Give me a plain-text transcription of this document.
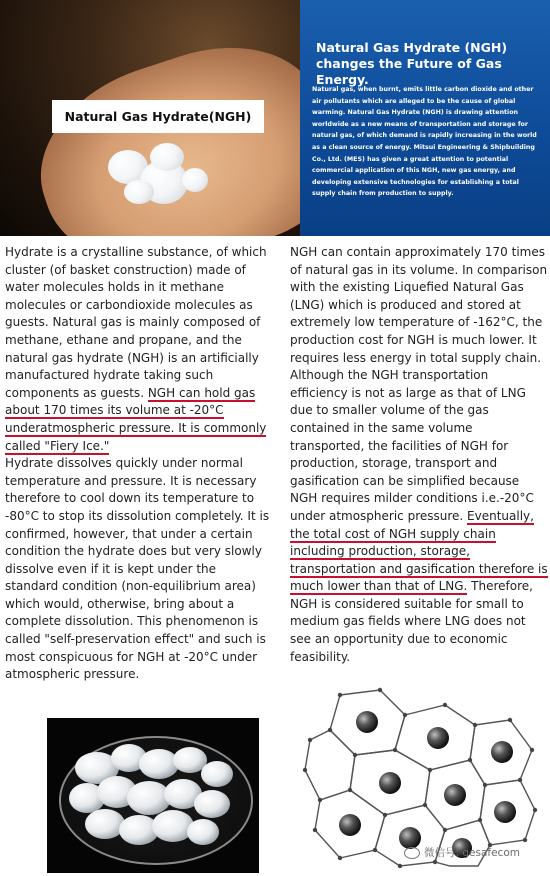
Natural Gas Hydrate(NGH)
Natural Gas Hydrate (NGH) changes the Future of Gas Energy.
Natural gas, when burnt, emits little carbon dioxide and other air pollutants which are alleged to be the cause of global warming. Natural Gas Hydrate (NGH) is drawing attention worldwide as a new means of transportation and storage for natural gas, of which demand is rapidly increasing in the world as a clean source of energy. Mitsui Engineering & Shipbuilding Co., Ltd. (MES) has given a great attention to potential commercial application of this NGH, new gas energy, and developing extensive technologies for establishing a total supply chain from production to supply.

Hydrate is a crystalline substance, of which cluster (of basket construction) made of water molecules holds in it methane molecules or carbondioxide molecules as guests. Natural gas is mainly composed of methane, ethane and propane, and the natural gas hydrate (NGH) is an artificially manufactured hydrate taking such components as guests. NGH can hold gas about 170 times its volume at -20°C underatmospheric pressure. It is commonly called "Fiery Ice."

Hydrate dissolves quickly under normal temperature and pressure. It is necessary therefore to cool down its temperature to -80°C to stop its dissolution completely. It is confirmed, however, that under a certain condition the hydrate does but very slowly dissolve even if it is kept under the standard condition (non-equilibrium area) which would, otherwise, bring about a complete dissolution. This phenomenon is called "self-preservation effect" and such is most conspicuous for NGH at -20°C under atmospheric pressure.

NGH can contain approximately 170 times of natural gas in its volume. In comparison with the existing Liquefied Natural Gas (LNG) which is produced and stored at extremely low temperature of -162°C, the production cost for NGH is much lower. It requires less energy in total supply chain. Although the NGH transportation efficiency is not as large as that of LNG due to smaller volume of the gas contained in the same volume transported, the facilities of NGH for production, storage, transport and gasification can be simplified because NGH requires milder conditions i.e.-20°C under atmospheric pressure. Eventually, the total cost of NGH supply chain including production, storage, transportation and gasification therefore is much lower than that of LNG. Therefore, NGH is considered suitable for small to medium gas fields where LNG does not see an opportunity due to economic feasibility.

微信号: gesafecom
